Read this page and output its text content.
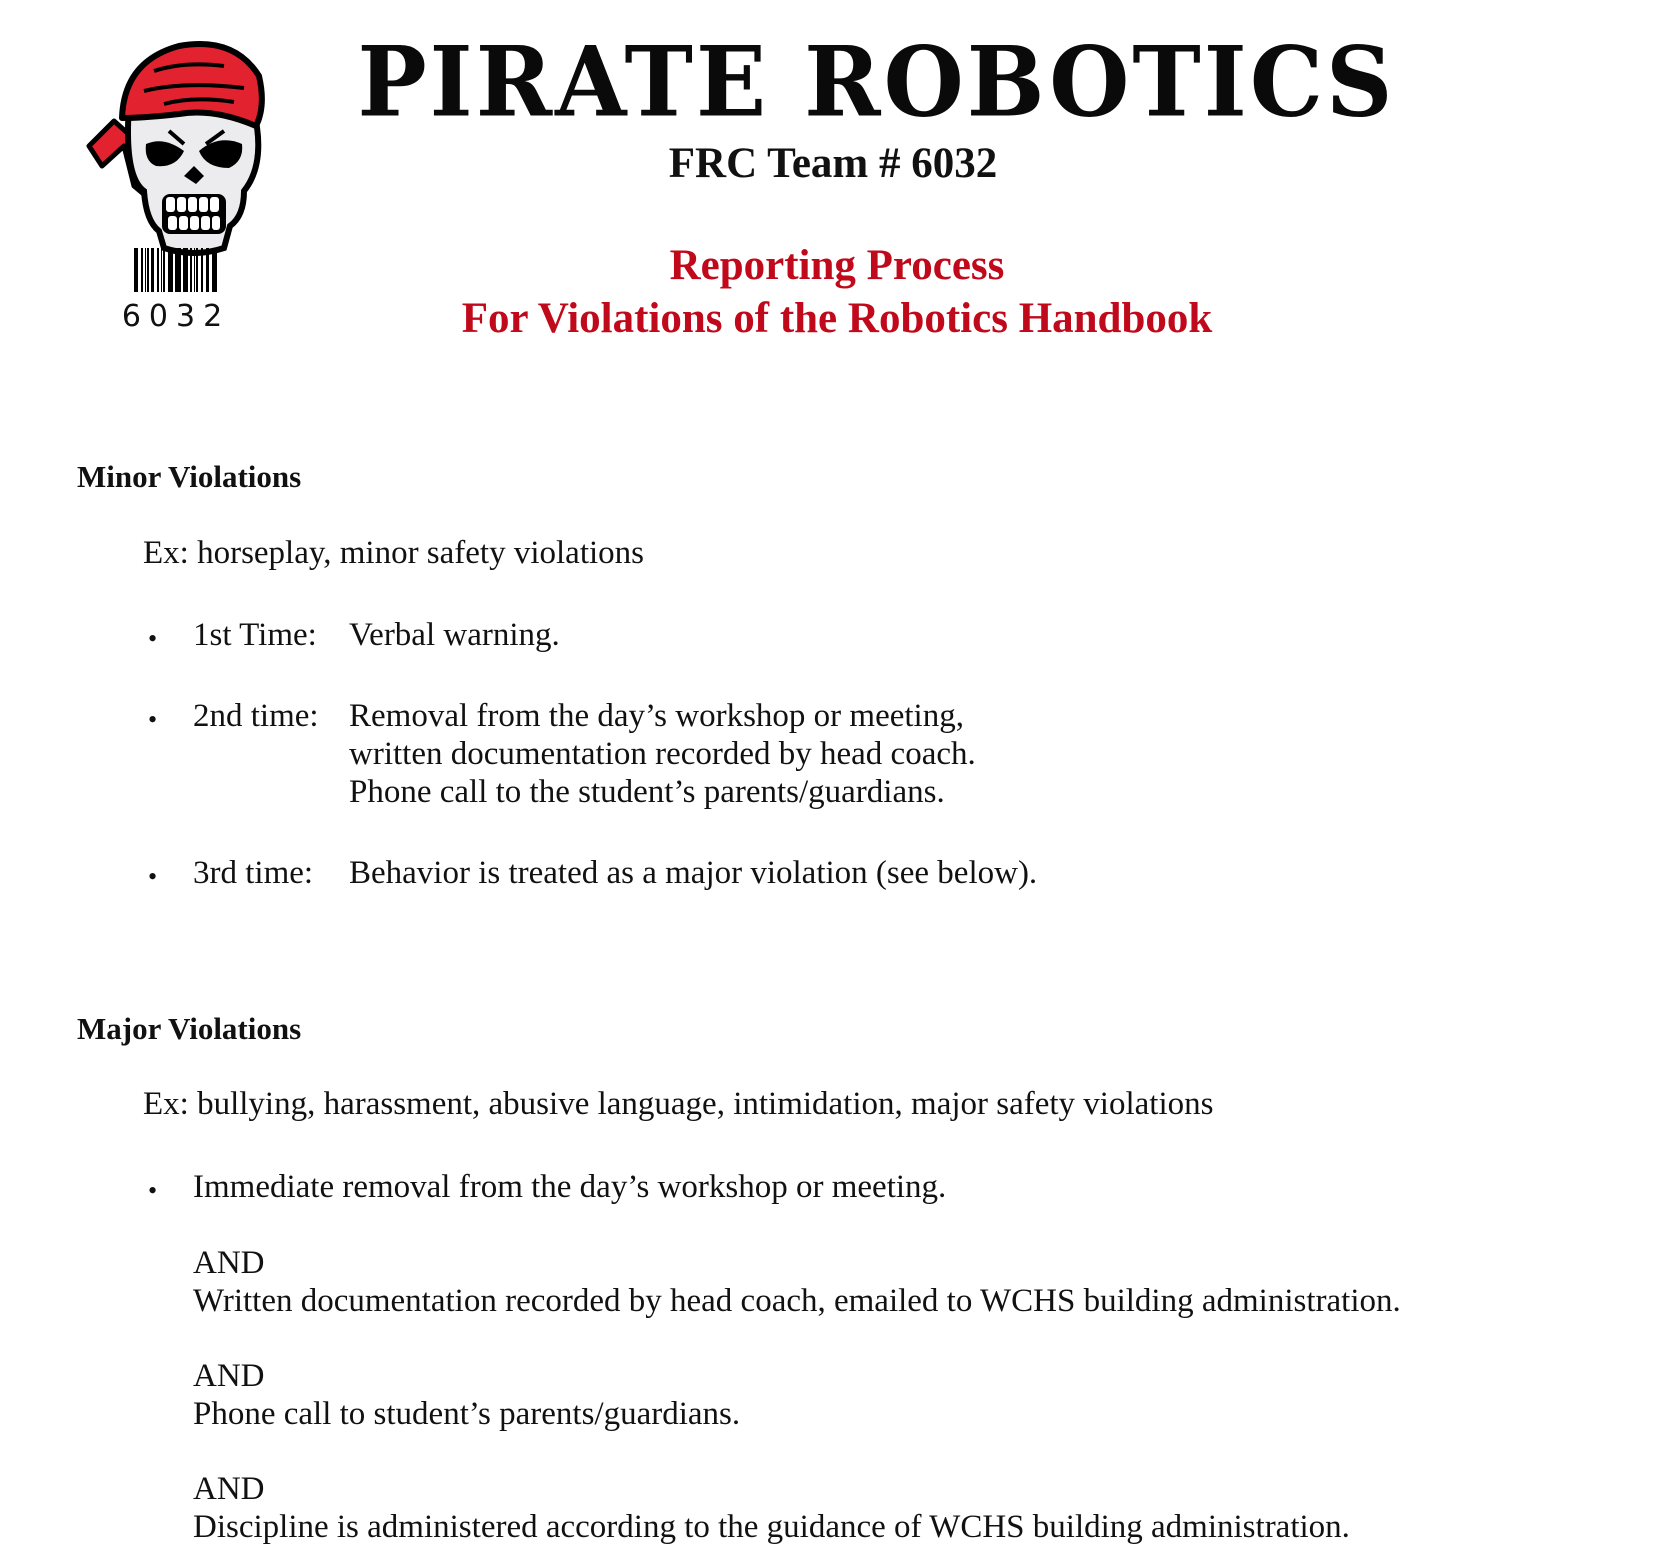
6032
PIRATE ROBOTICS
FRC Team # 6032
Reporting Process
For Violations of the Robotics Handbook
Minor Violations
Ex: horseplay, minor safety violations
• 1st Time: Verbal warning.
• 2nd time: Removal from the day’s workshop or meeting,
written documentation recorded by head coach.
Phone call to the student’s parents/guardians.
• 3rd time: Behavior is treated as a major violation (see below).
Major Violations
Ex: bullying, harassment, abusive language, intimidation, major safety violations
• Immediate removal from the day’s workshop or meeting.
AND
Written documentation recorded by head coach, emailed to WCHS building administration.
AND
Phone call to student’s parents/guardians.
AND
Discipline is administered according to the guidance of WCHS building administration.
